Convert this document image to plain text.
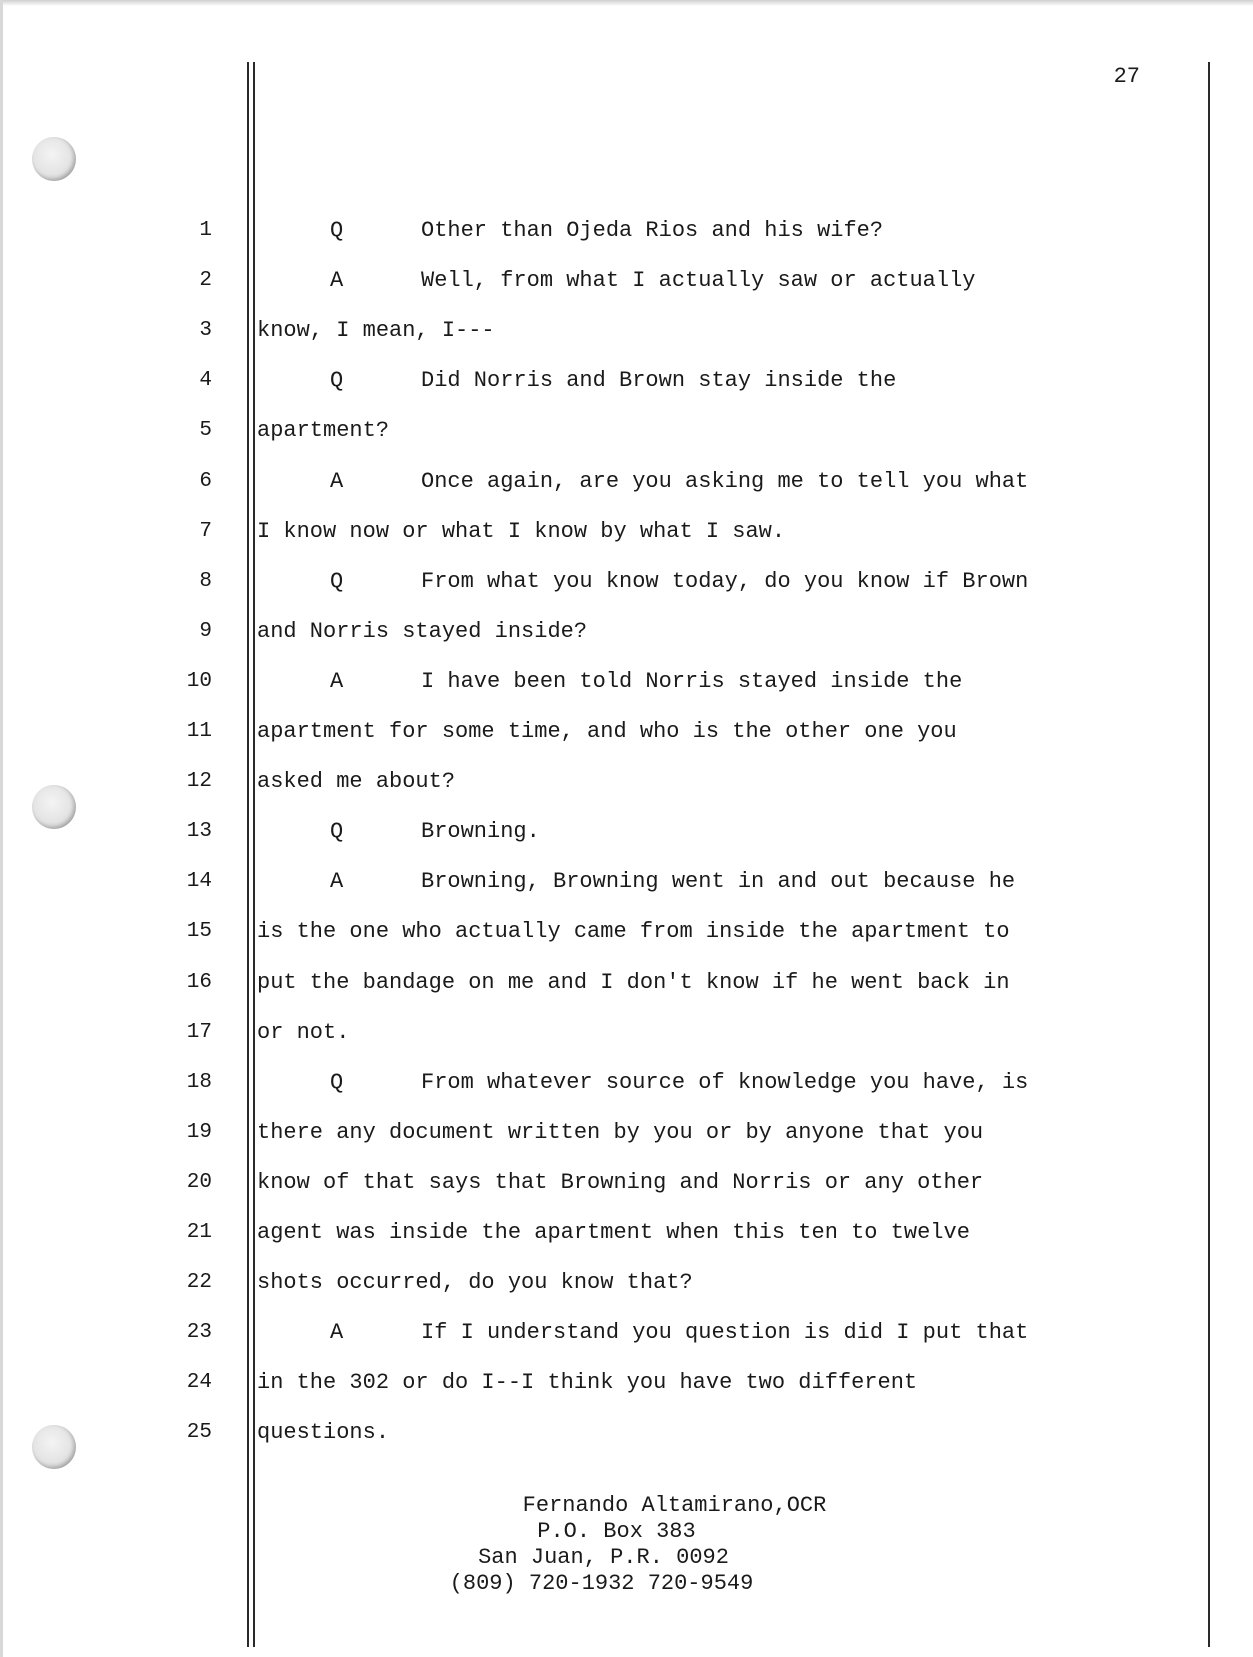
27
1	Q	Other than Ojeda Rios and his wife?
2	A	Well, from what I actually saw or actually
3 know, I mean, I---
4	Q	Did Norris and Brown stay inside the
5 apartment?
6	A	Once again, are you asking me to tell you what
7 I know now or what I know by what I saw.
8	Q	From what you know today, do you know if Brown
9 and Norris stayed inside?
10	A	I have been told Norris stayed inside the
11 apartment for some time, and who is the other one you
12 asked me about?
13	Q	Browning.
14	A	Browning, Browning went in and out because he
15 is the one who actually came from inside the apartment to
16 put the bandage on me and I don't know if he went back in
17 or not.
18	Q	From whatever source of knowledge you have, is
19 there any document written by you or by anyone that you
20 know of that says that Browning and Norris or any other
21 agent was inside the apartment when this ten to twelve
22 shots occurred, do you know that?
23	A	If I understand you question is did I put that
24 in the 302 or do I--I think you have two different
25 questions.
Fernando Altamirano,OCR
P.O. Box 383
San Juan, P.R. 0092
(809) 720-1932 720-9549
